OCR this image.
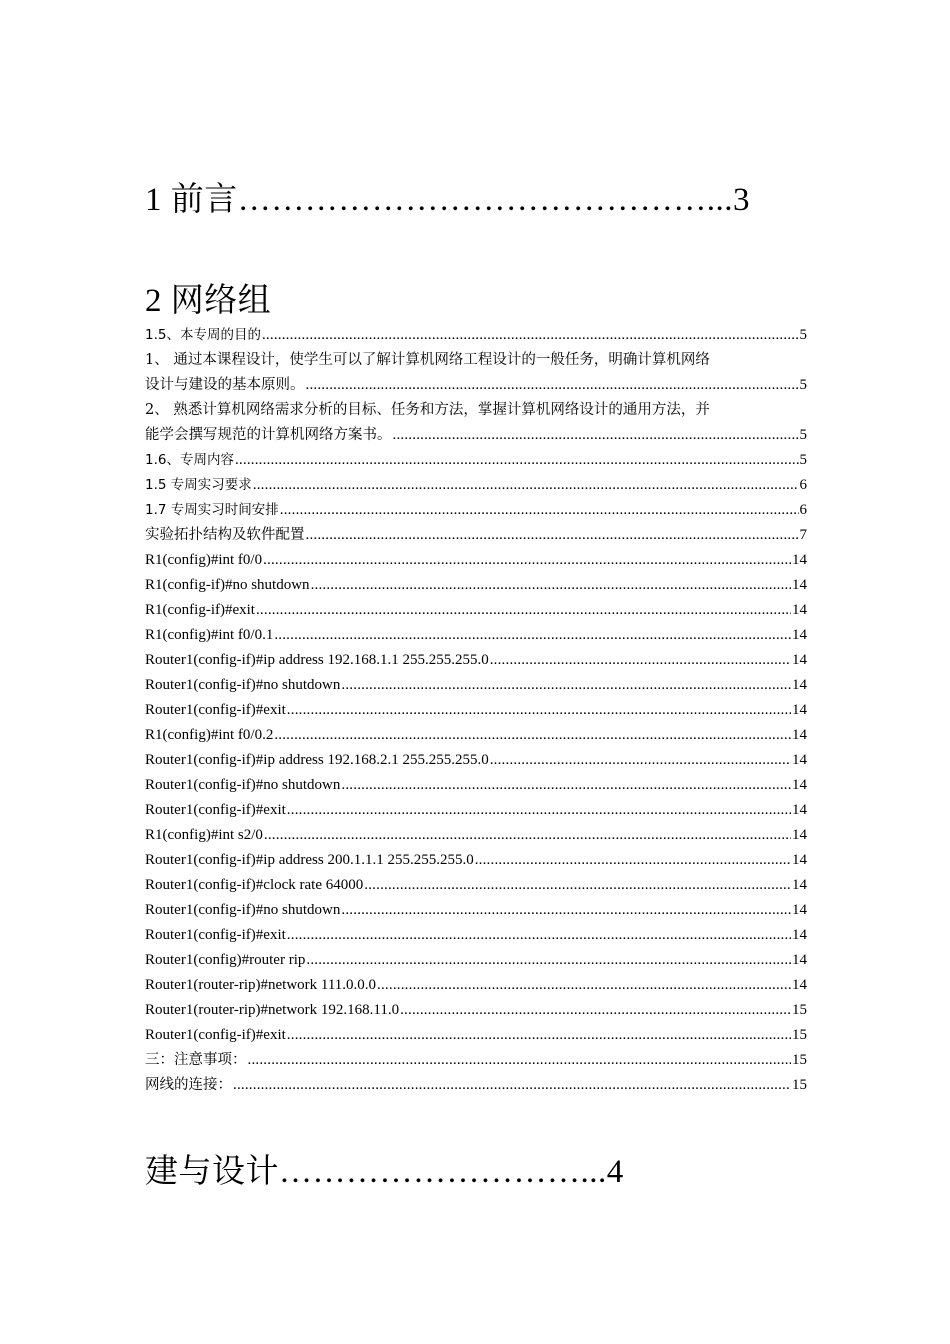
1 前言……………………………………...3
2 网络组
1.5、本专周的目的 .....	5
1、 通过本课程设计，使学生可以了解计算机网络工程设计的一般任务，明确计算机网络
设计与建设的基本原则。 .....	5
2、 熟悉计算机网络需求分析的目标、任务和方法，掌握计算机网络设计的通用方法，并
能学会撰写规范的计算机网络方案书。 .....	5
1.6、专周内容 .....	5
1.5 专周实习要求 .....	6
1.7 专周实习时间安排 .....	6
实验拓扑结构及软件配置 .....	7
R1(config)#int f0/0 .....	14
R1(config-if)#no shutdown .....	14
R1(config-if)#exit .....	14
R1(config)#int f0/0.1 .....	14
Router1(config-if)#ip address 192.168.1.1 255.255.255.0 .....	14
Router1(config-if)#no shutdown .....	14
Router1(config-if)#exit .....	14
R1(config)#int f0/0.2 .....	14
Router1(config-if)#ip address 192.168.2.1 255.255.255.0 .....	14
Router1(config-if)#no shutdown .....	14
Router1(config-if)#exit .....	14
R1(config)#int s2/0 .....	14
Router1(config-if)#ip address 200.1.1.1 255.255.255.0 .....	14
Router1(config-if)#clock rate 64000 .....	14
Router1(config-if)#no shutdown .....	14
Router1(config-if)#exit .....	14
Router1(config)#router rip .....	14
Router1(router-rip)#network 111.0.0.0 .....	14
Router1(router-rip)#network 192.168.11.0 .....	15
Router1(config-if)#exit .....	15
三：注意事项： .....	15
网线的连接： .....	15
建与设计………………………...4
